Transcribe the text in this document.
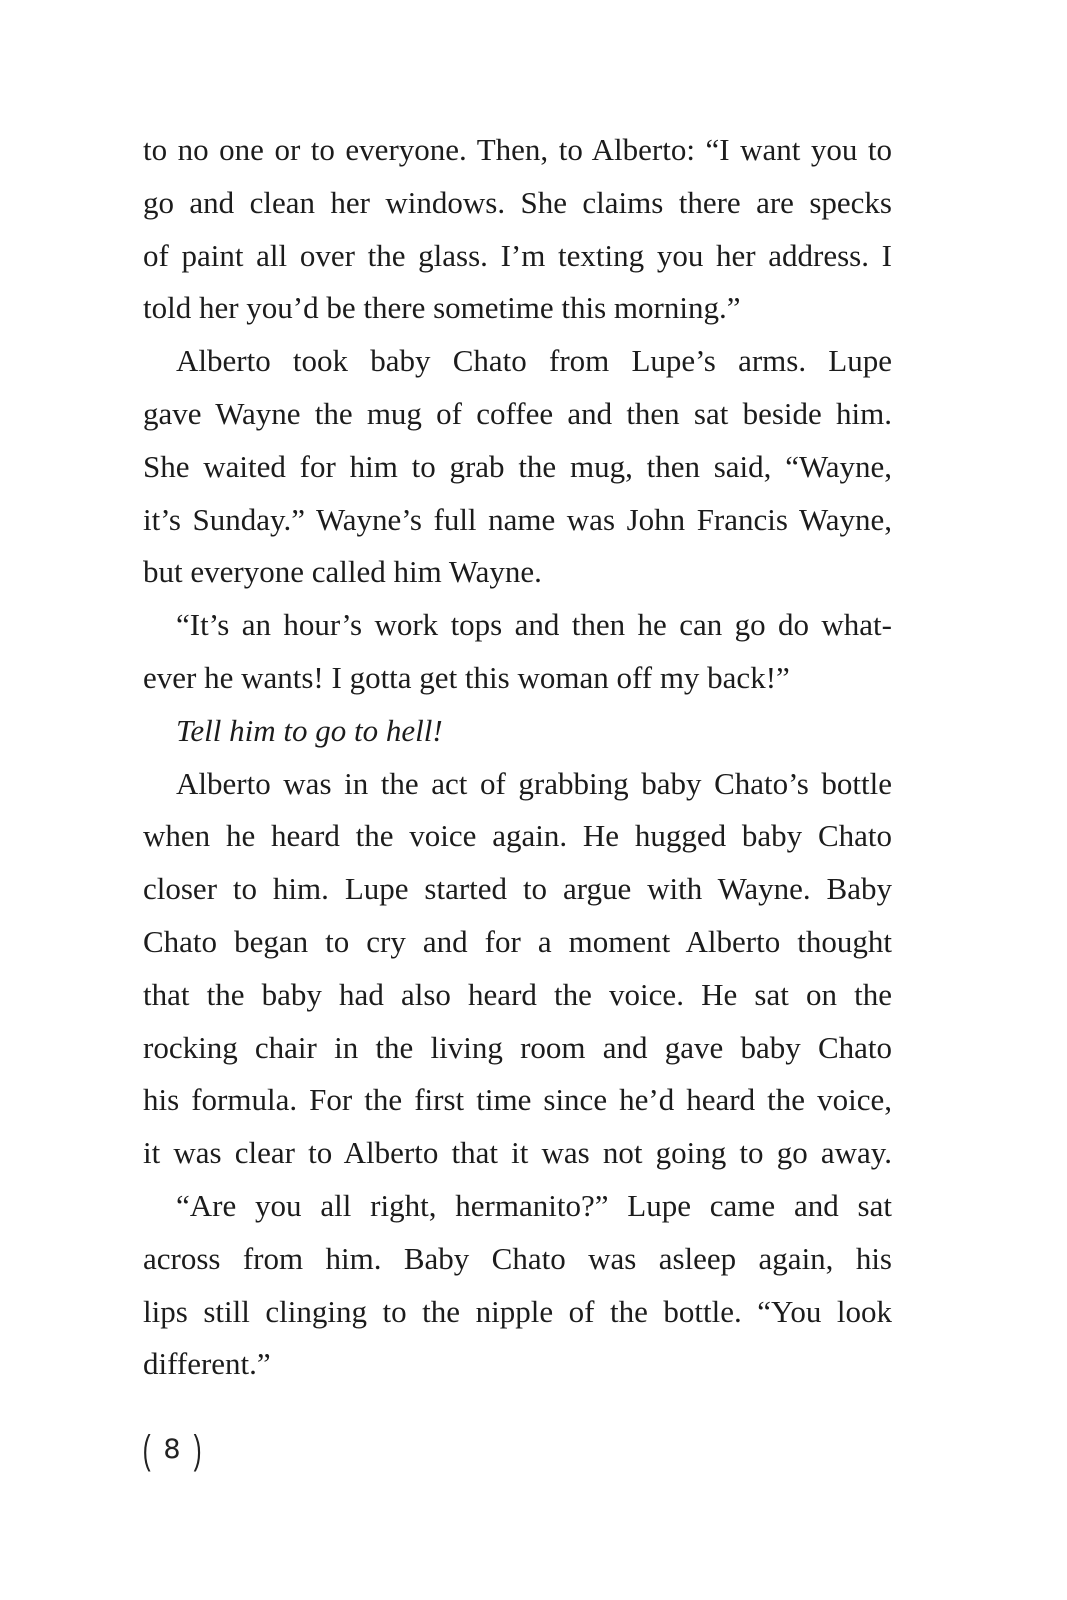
to no one or to everyone. Then, to Alberto: “I want you to
go and clean her windows. She claims there are specks
of paint all over the glass. I’m texting you her address. I
told her you’d be there sometime this morning.”
Alberto took baby Chato from Lupe’s arms. Lupe
gave Wayne the mug of coffee and then sat beside him.
She waited for him to grab the mug, then said, “Wayne,
it’s Sunday.” Wayne’s full name was John Francis Wayne,
but everyone called him Wayne.
“It’s an hour’s work tops and then he can go do what-
ever he wants! I gotta get this woman off my back!”
Tell him to go to hell!
Alberto was in the act of grabbing baby Chato’s bottle
when he heard the voice again. He hugged baby Chato
closer to him. Lupe started to argue with Wayne. Baby
Chato began to cry and for a moment Alberto thought
that the baby had also heard the voice. He sat on the
rocking chair in the living room and gave baby Chato
his formula. For the first time since he’d heard the voice,
it was clear to Alberto that it was not going to go away.
“Are you all right, hermanito?” Lupe came and sat
across from him. Baby Chato was asleep again, his
lips still clinging to the nipple of the bottle. “You look
different.”
( 8 )
